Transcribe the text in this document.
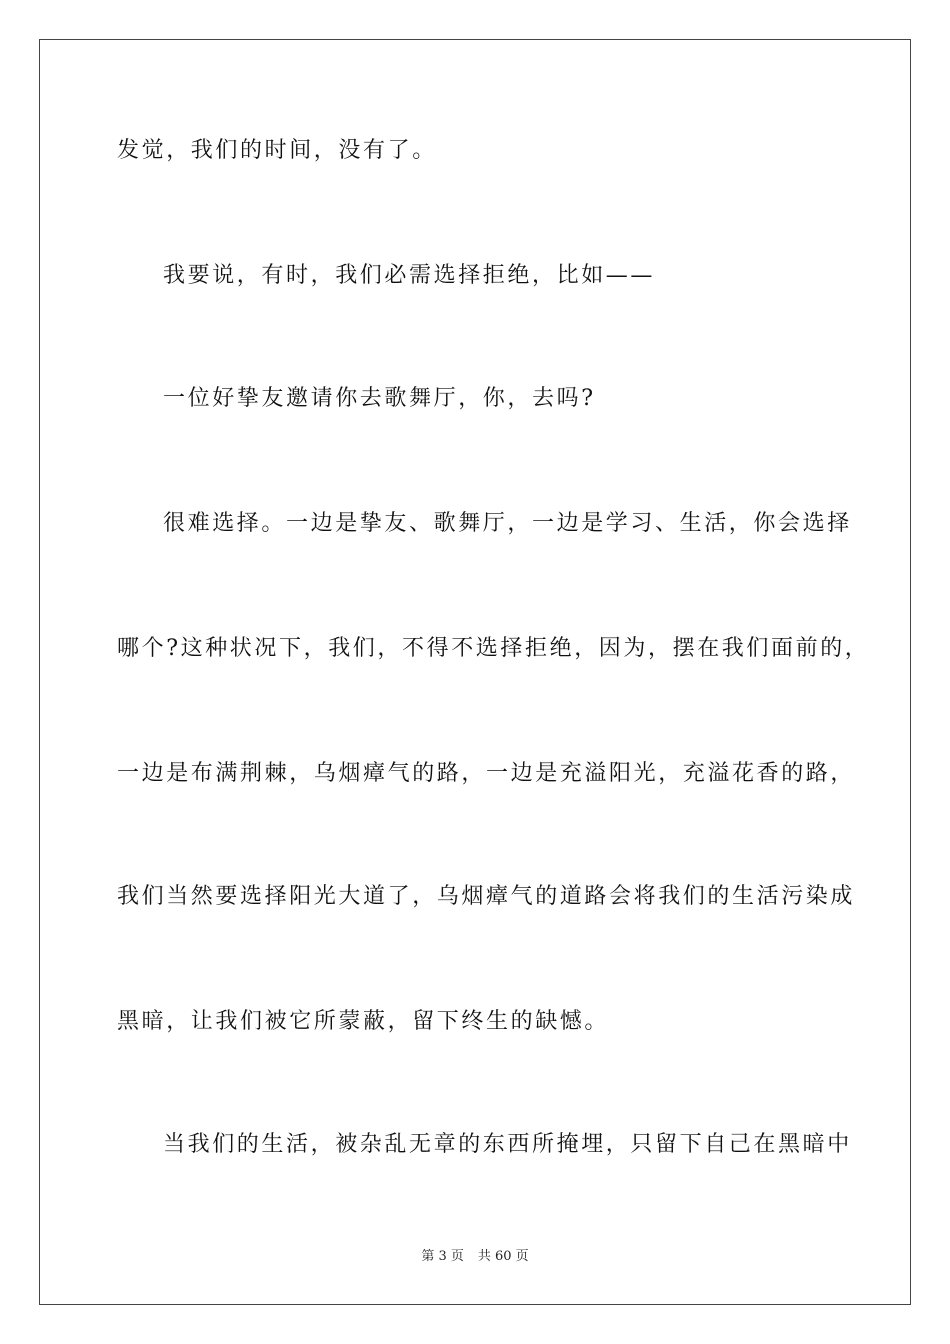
发觉，我们的时间，没有了。

我要说，有时，我们必需选择拒绝，比如——

一位好挚友邀请你去歌舞厅，你，去吗?

很难选择。一边是挚友、歌舞厅，一边是学习、生活，你会选择

哪个?这种状况下，我们，不得不选择拒绝，因为，摆在我们面前的，

一边是布满荆棘，乌烟瘴气的路，一边是充溢阳光，充溢花香的路，

我们当然要选择阳光大道了，乌烟瘴气的道路会将我们的生活污染成

黑暗，让我们被它所蒙蔽，留下终生的缺憾。

当我们的生活，被杂乱无章的东西所掩埋，只留下自己在黑暗中

第 3 页 共 60 页
